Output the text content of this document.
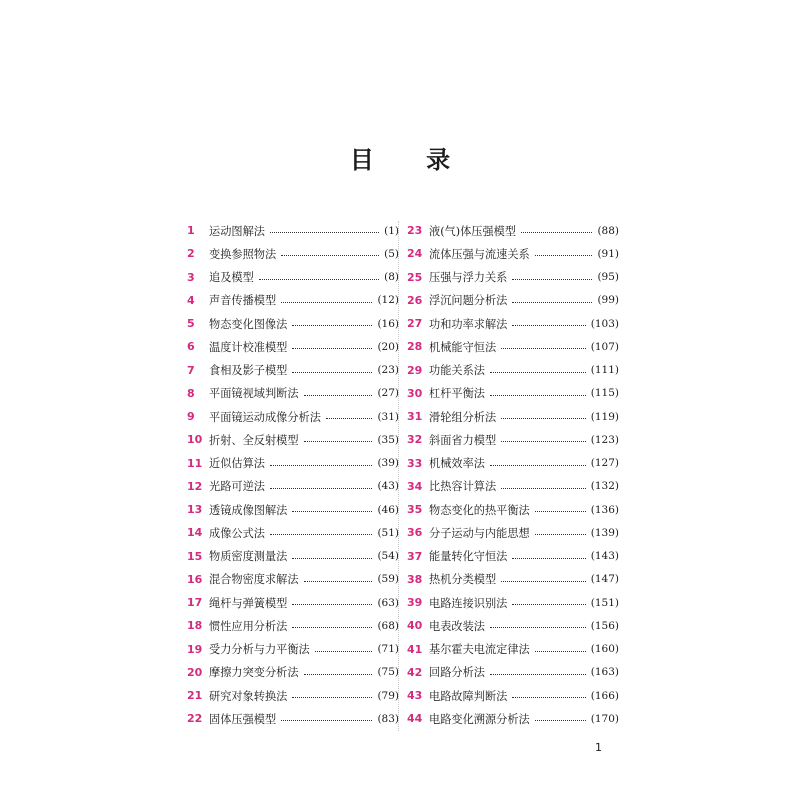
目 录
1	运动图解法	(1)
2	变换参照物法	(5)
3	追及模型	(8)
4	声音传播模型	(12)
5	物态变化图像法	(16)
6	温度计校准模型	(20)
7	食相及影子模型	(23)
8	平面镜视域判断法	(27)
9	平面镜运动成像分析法	(31)
10 折射、全反射模型	(35)
11 近似估算法	(39)
12 光路可逆法	(43)
13 透镜成像图解法	(46)
14 成像公式法	(51)
15 物质密度测量法	(54)
16 混合物密度求解法	(59)
17 绳杆与弹簧模型	(63)
18 惯性应用分析法	(68)
19 受力分析与力平衡法	(71)
20 摩擦力突变分析法	(75)
21 研究对象转换法	(79)
22 固体压强模型	(83)
23 液(气)体压强模型	(88)
24 流体压强与流速关系	(91)
25 压强与浮力关系	(95)
26 浮沉问题分析法	(99)
27 功和功率求解法	(103)
28 机械能守恒法	(107)
29 功能关系法	(111)
30 杠杆平衡法	(115)
31 滑轮组分析法	(119)
32 斜面省力模型	(123)
33 机械效率法	(127)
34 比热容计算法	(132)
35 物态变化的热平衡法	(136)
36 分子运动与内能思想	(139)
37 能量转化守恒法	(143)
38 热机分类模型	(147)
39 电路连接识别法	(151)
40 电表改装法	(156)
41 基尔霍夫电流定律法	(160)
42 回路分析法	(163)
43 电路故障判断法	(166)
44 电路变化溯源分析法	(170)
1
